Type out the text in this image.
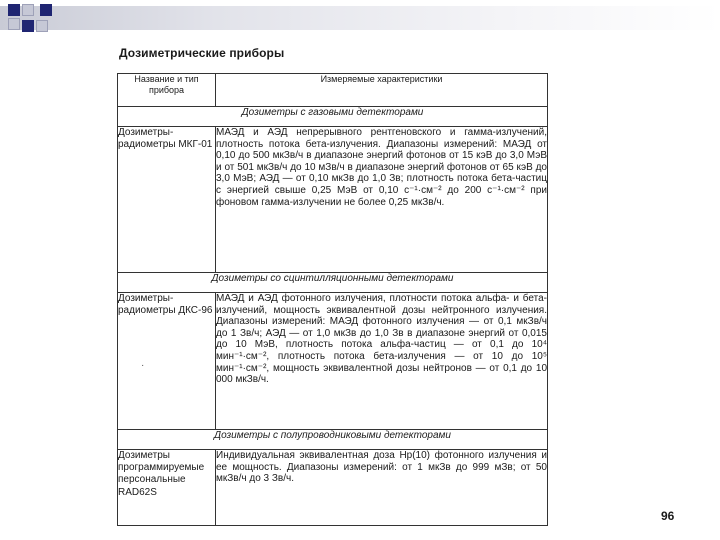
Дозиметрические приборы
Название и тип прибора	Измеряемые характеристики
Дозиметры с газовыми детекторами	
Дозиметры-радиометры МКГ-01	МАЭД и АЭД непрерывного рентгеновского и гамма-излучений, плотность потока бета-излучения. Диапазоны измерений: МАЭД от 0,10 до 500 мкЗв/ч в диапазоне энергий фотонов от 15 кэВ до 3,0 МэВ и от 501 мкЗв/ч до 10 мЗв/ч в диапазоне энергий фотонов от 65 кэВ до 3,0 МэВ; АЭД — от 0,10 мкЗв до 1,0 Зв; плотность потока бета-частиц с энергией свыше 0,25 МэВ от 0,10 с⁻¹·см⁻² до 200 с⁻¹·см⁻² при фоновом гамма-излучении не более 0,25 мкЗв/ч.

Дозиметры со сцинтилляционными детекторами	
Дозиметры-радиометры ДКС-96	МАЭД и АЭД фотонного излучения, плотности потока альфа- и бета-излучений, мощность эквивалентной дозы нейтронного излучения. Диапазоны измерений: МАЭД фотонного излучения — от 0,1 мкЗв/ч до 1 Зв/ч; АЭД — от 1,0 мкЗв до 1,0 Зв в диапазоне энергий от 0,015 до 10 МэВ, плотность потока альфа-частиц — от 0,1 до 10⁴ мин⁻¹·см⁻², плотность потока бета-излучения — от 10 до 10⁵ мин⁻¹·см⁻², мощность эквивалентной дозы нейтронов — от 0,1 до 10 000 мкЗв/ч.

Дозиметры с полупроводниковыми детекторами	
Дозиметры программируемые персональные RAD62S	Индивидуальная эквивалентная доза Hp(10) фотонного излучения и ее мощность. Диапазоны измерений: от 1 мкЗв до 999 мЗв; от 50 мкЗв/ч до 3 Зв/ч.
·
96
